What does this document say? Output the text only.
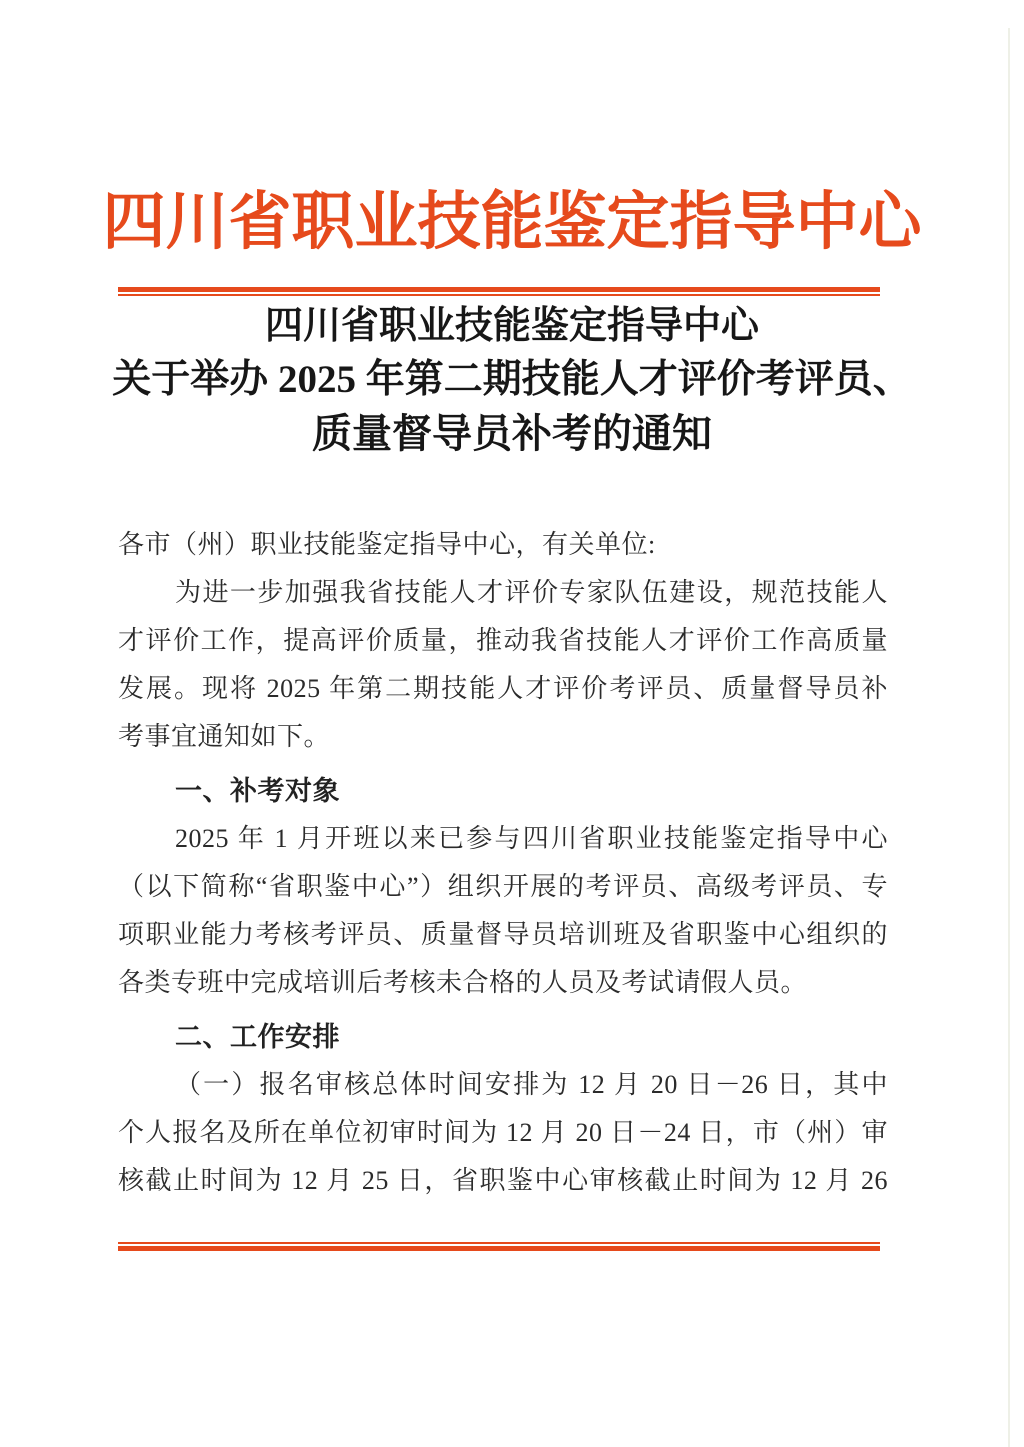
四川省职业技能鉴定指导中心
四川省职业技能鉴定指导中心
关于举办 2025 年第二期技能人才评价考评员、
质量督导员补考的通知
各市（州）职业技能鉴定指导中心，有关单位:
为进一步加强我省技能人才评价专家队伍建设，规范技能人
才评价工作，提高评价质量，推动我省技能人才评价工作高质量
发展。现将 2025 年第二期技能人才评价考评员、质量督导员补
考事宜通知如下。
一、补考对象
2025 年 1 月开班以来已参与四川省职业技能鉴定指导中心
（以下简称“省职鉴中心”）组织开展的考评员、高级考评员、专
项职业能力考核考评员、质量督导员培训班及省职鉴中心组织的
各类专班中完成培训后考核未合格的人员及考试请假人员。
二、工作安排
（一）报名审核总体时间安排为 12 月 20 日－26 日，其中
个人报名及所在单位初审时间为 12 月 20 日－24 日，市（州）审
核截止时间为 12 月 25 日，省职鉴中心审核截止时间为 12 月 26
